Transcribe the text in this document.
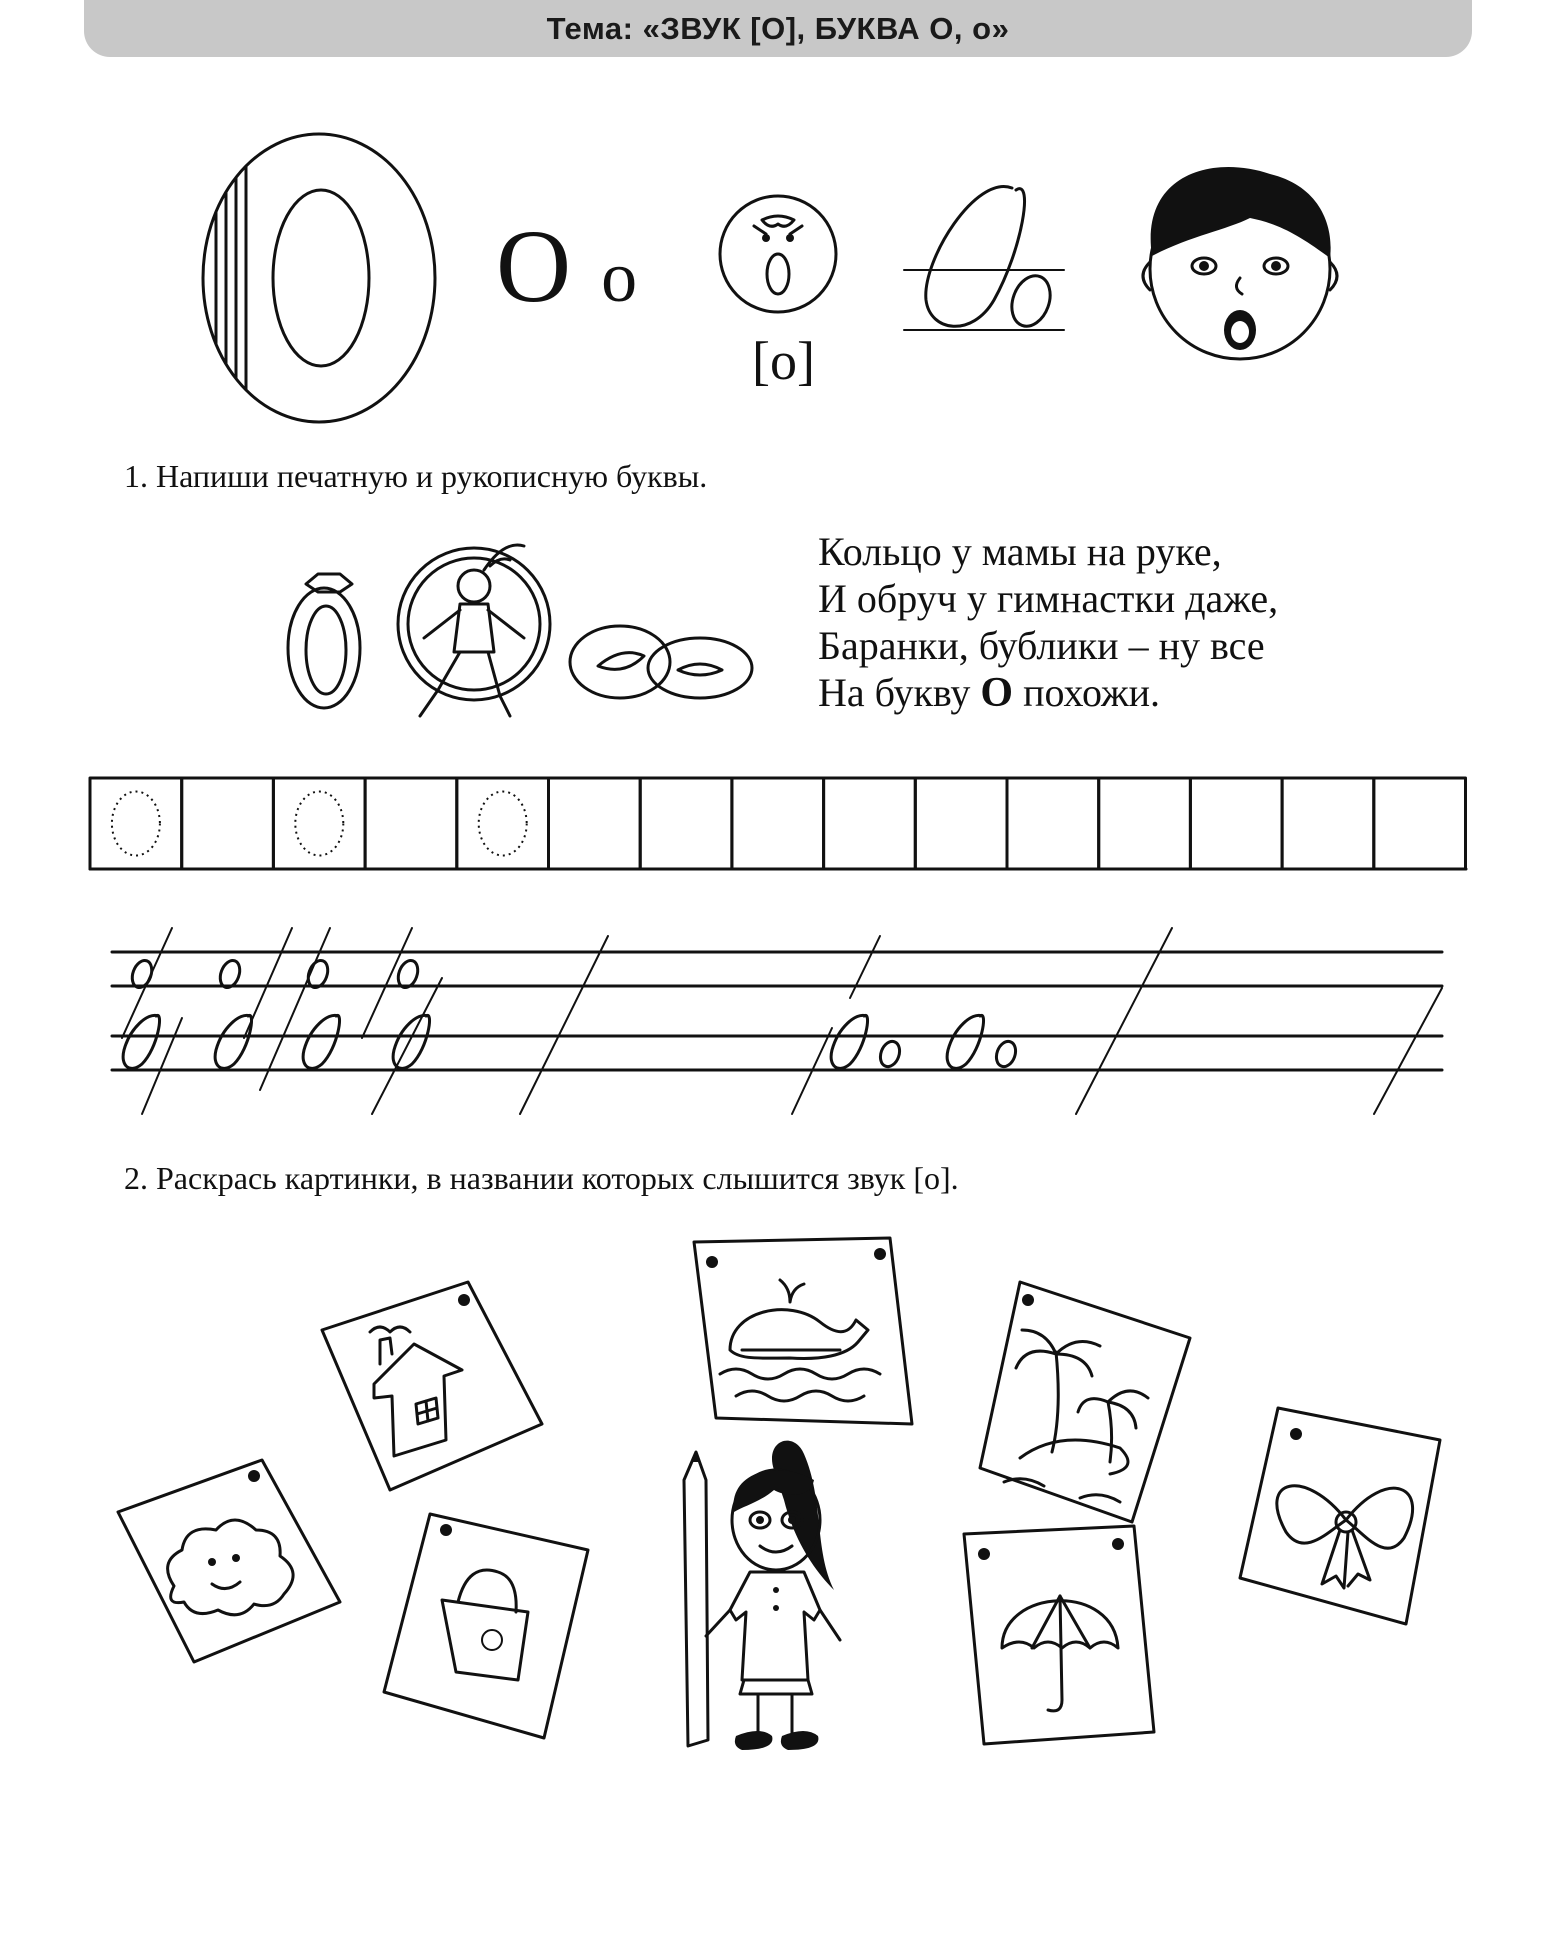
Тема: «ЗВУК [О], БУКВА О, о»
О о
[о]
1. Напиши печатную и рукописную буквы.
Кольцо у мамы на руке,
И обруч у гимнастки даже,
Баранки, бублики – ну все
На букву О похожи.
2. Раскрась картинки, в названии которых слышится звук [о].
